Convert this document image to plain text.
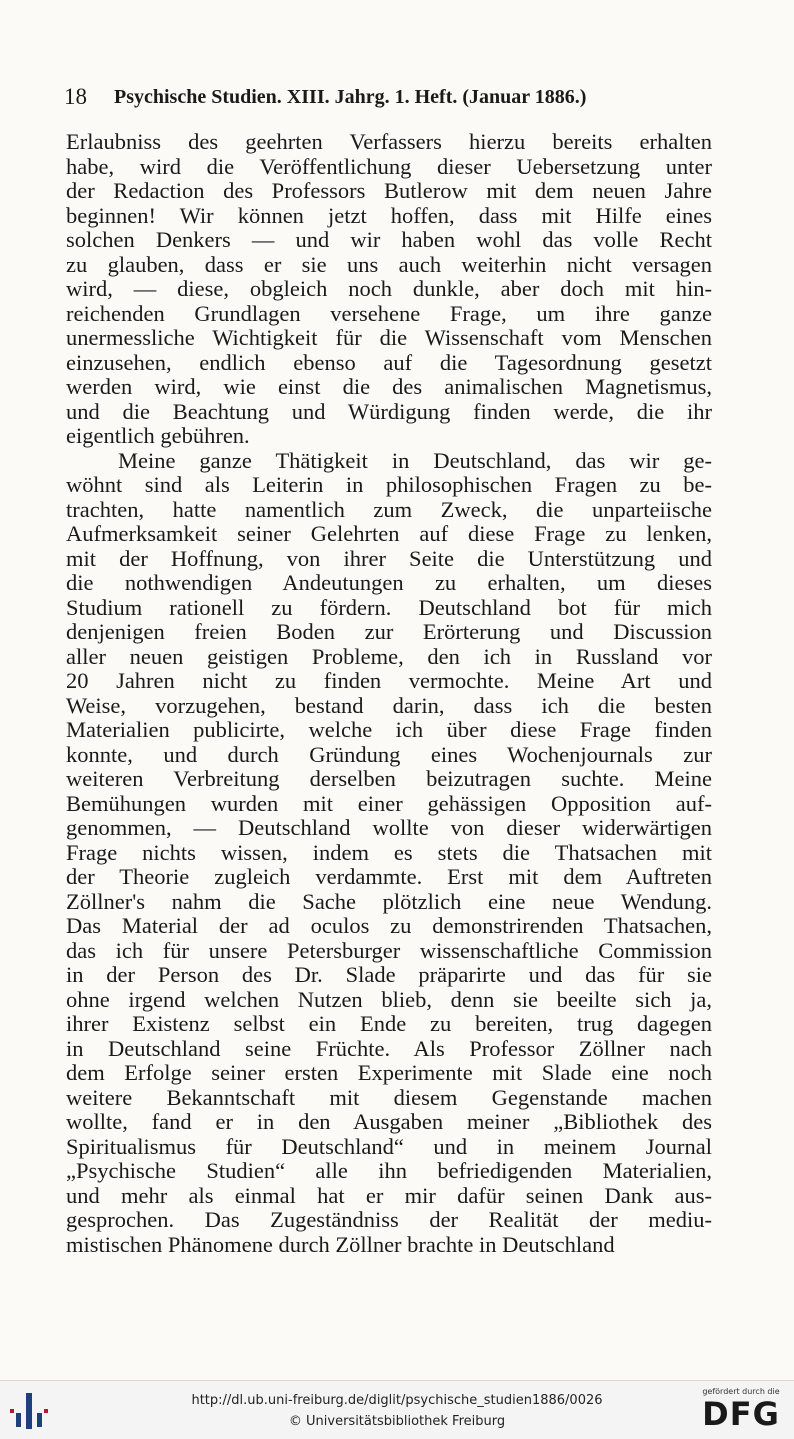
18 Psychische Studien. XIII. Jahrg. 1. Heft. (Januar 1886.)
Erlaubniss des geehrten Verfassers hierzu bereits erhalten
habe, wird die Veröffentlichung dieser Uebersetzung unter
der Redaction des Professors Butlerow mit dem neuen Jahre
beginnen! Wir können jetzt hoffen, dass mit Hilfe eines
solchen Denkers — und wir haben wohl das volle Recht
zu glauben, dass er sie uns auch weiterhin nicht versagen
wird, — diese, obgleich noch dunkle, aber doch mit hin-
reichenden Grundlagen versehene Frage, um ihre ganze
unermessliche Wichtigkeit für die Wissenschaft vom Menschen
einzusehen, endlich ebenso auf die Tagesordnung gesetzt
werden wird, wie einst die des animalischen Magnetismus,
und die Beachtung und Würdigung finden werde, die ihr
eigentlich gebühren.
Meine ganze Thätigkeit in Deutschland, das wir ge-
wöhnt sind als Leiterin in philosophischen Fragen zu be-
trachten, hatte namentlich zum Zweck, die unparteiische
Aufmerksamkeit seiner Gelehrten auf diese Frage zu lenken,
mit der Hoffnung, von ihrer Seite die Unterstützung und
die nothwendigen Andeutungen zu erhalten, um dieses
Studium rationell zu fördern. Deutschland bot für mich
denjenigen freien Boden zur Erörterung und Discussion
aller neuen geistigen Probleme, den ich in Russland vor
20 Jahren nicht zu finden vermochte. Meine Art und
Weise, vorzugehen, bestand darin, dass ich die besten
Materialien publicirte, welche ich über diese Frage finden
konnte, und durch Gründung eines Wochenjournals zur
weiteren Verbreitung derselben beizutragen suchte. Meine
Bemühungen wurden mit einer gehässigen Opposition auf-
genommen, — Deutschland wollte von dieser widerwärtigen
Frage nichts wissen, indem es stets die Thatsachen mit
der Theorie zugleich verdammte. Erst mit dem Auftreten
Zöllner's nahm die Sache plötzlich eine neue Wendung.
Das Material der ad oculos zu demonstrirenden Thatsachen,
das ich für unsere Petersburger wissenschaftliche Commission
in der Person des Dr. Slade präparirte und das für sie
ohne irgend welchen Nutzen blieb, denn sie beeilte sich ja,
ihrer Existenz selbst ein Ende zu bereiten, trug dagegen
in Deutschland seine Früchte. Als Professor Zöllner nach
dem Erfolge seiner ersten Experimente mit Slade eine noch
weitere Bekanntschaft mit diesem Gegenstande machen
wollte, fand er in den Ausgaben meiner „Bibliothek des
Spiritualismus für Deutschland“ und in meinem Journal
„Psychische Studien“ alle ihn befriedigenden Materialien,
und mehr als einmal hat er mir dafür seinen Dank aus-
gesprochen. Das Zugeständniss der Realität der mediu-
mistischen Phänomene durch Zöllner brachte in Deutschland
http://dl.ub.uni-freiburg.de/diglit/psychische_studien1886/0026
© Universitätsbibliothek Freiburg
gefördert durch die
DFG
